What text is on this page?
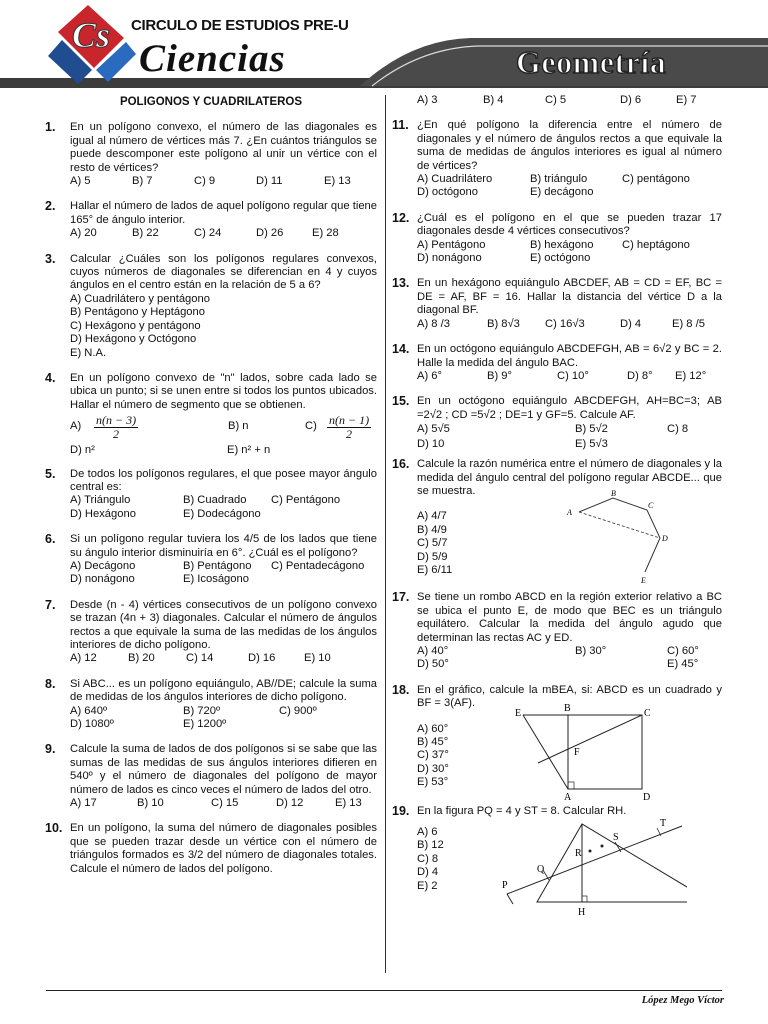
Cs CIRCULO DE ESTUDIOS PRE-U
Ciencias	Geometría
POLIGONOS Y CUADRILATEROS
1. En un polígono convexo, el número de las diagonales es igual al número de vértices más 7. ¿En cuántos triángulos se puede descomponer este polígono al unir un vértice con el resto de vértices?
A) 5	B) 7	C) 9	D) 11	E) 13
2. Hallar el número de lados de aquel polígono regular que tiene 165° de ángulo interior.
A) 20	B) 22	C) 24	D) 26	E) 28
3. Calcular ¿Cuáles son los polígonos regulares convexos, cuyos números de diagonales se diferencian en 4 y cuyos ángulos en el centro están en la relación de 5 a 6?
A) Cuadrilátero y pentágono
B) Pentágono y Heptágono
C) Hexágono y pentágono
D) Hexágono y Octógono
E) N.A.
4. En un polígono convexo de "n" lados, sobre cada lado se ubica un punto; si se unen entre si todos los puntos ubicados. Hallar el número de segmento que se obtienen.
A)	$\frac{n(n - 3)}{2}$	B) n	$C) \frac{n(n - 1)}{2}$
D) n²	E) n² + n
5. De todos los polígonos regulares, el que posee mayor ángulo central es:
A) Triángulo	B) Cuadrado	C) Pentágono
D) Hexágono	E) Dodecágono
6. Si un polígono regular tuviera los 4/5 de los lados que tiene su ángulo interior disminuiría en 6°. ¿Cuál es el polígono?
A) Decágono	B) Pentágono	C) Pentadecágono
D) nonágono	E) Icoságono
7. Desde (n - 4) vértices consecutivos de un polígono convexo se trazan (4n + 3) diagonales. Calcular el número de ángulos rectos a que equivale la suma de las medidas de los ángulos interiores de dicho polígono.
A) 12	B) 20	C) 14	D) 16	E) 10
8. Si ABC... es un polígono equiángulo, AB//DE; calcule la suma de medidas de los ángulos interiores de dicho polígono.
A) 640º	B) 720º	C) 900º
D) 1080º	E) 1200º
9. Calcule la suma de lados de dos polígonos si se sabe que las sumas de las medidas de sus ángulos interiores difieren en 540º y el número de diagonales del polígono de mayor número de lados es cinco veces el número de lados del otro.
A) 17	B) 10	C) 15	D) 12	E) 13
10. En un polígono, la suma del número de diagonales posibles que se pueden trazar desde un vértice con el número de triángulos formados es 3/2 del número de diagonales totales. Calcule el número de lados del polígono.
A) 3	B) 4	C) 5	D) 6	E) 7
11. ¿En qué polígono la diferencia entre el número de diagonales y el número de ángulos rectos a que equivale la suma de medidas de ángulos interiores es igual al número de vértices?
A) Cuadrilátero	B) triángulo	C) pentágono
D) octógono	E) decágono
12. ¿Cuál es el polígono en el que se pueden trazar 17 diagonales desde 4 vértices consecutivos?
A) Pentágono	B) hexágono	C) heptágono
D) nonágono	E) octógono
13. En un hexágono equiángulo ABCDEF, AB = CD = EF, BC = DE = AF, BF = 16. Hallar la distancia del vértice D a la diagonal BF.
A) 8 /3	B) 8√3	C) 16√3	D) 4	E) 8 /5
14. En un octógono equiángulo ABCDEFGH, AB = 6√2 y BC = 2. Halle la medida del ángulo BAC.
A) 6°	B) 9°	C) 10°	D) 8°	E) 12°
15. En un octógono equiángulo ABCDEFGH, AH=BC=3; AB =2√2 ; CD =5√2 ; DE=1 y GF=5. Calcule AF.
A) 5√5	B) 5√2	C) 8
D) 10	E) 5√3
16. Calcule la razón numérica entre el número de diagonales y la medida del ángulo central del polígono regular ABCDE... que se muestra.
A) 4/7
B) 4/9
C) 5/7
D) 5/9
E) 6/11
A
B
C
D
E
17. Se tiene un rombo ABCD en la región exterior relativo a BC se ubica el punto E, de modo que BEC es un triángulo equilátero. Calcular la medida del ángulo agudo que determinan las rectas AC y ED.
A) 40°	B) 30°	C) 60°
D) 50°	E) 45°
18. En el gráfico, calcule la mBEA, si: ABCD es un cuadrado y BF = 3(AF).
A) 60°
B) 45°
C) 37°
D) 30°
E) 53°
E	B	C
F
A	D
19. En la figura PQ = 4 y ST = 8. Calcular RH.
A) 6
B) 12
C) 8
D) 4
E) 2
T
S
R
Q
P
H
López Mego Víctor
